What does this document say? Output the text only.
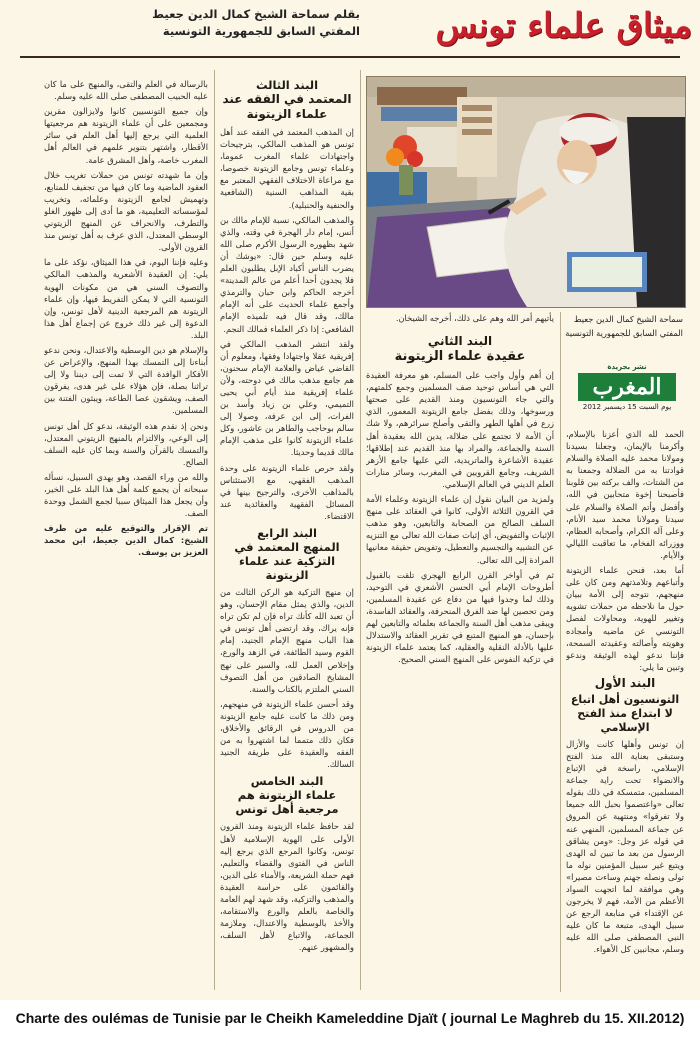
ميثاق علماء تونس
بقلم سماحة الشيخ كمال الدين جعيط
المفتي السابق للجمهورية التونسية
سماحة الشيخ كمال الدين جعيط المفتي السابق للجمهورية التونسية
نشر بجريدة
المغرب
يوم السبت 15 ديسمبر 2012

الحمد لله الذي أعزنا بالإسلام، وأكرمنا بالإيمان، وجعلنا بسيدنا ومولانا محمد عليه الصلاة والسلام قوادتنا به من الضلالة وجمعنا به من الشتات، والف بركته بين قلوبنا فأصبحنا إخوة متحابين في الله، وأفضل وأتم الصلاة والسلام على سيدنا ومولانا محمد سيد الأنام، وعلى آله الكرام، وأصحابه العظام، ووزرائه الفخام، ما تعاقبت الليالي والأيام.

أما بعد، فنحن علماء الزيتونة وأتباعهم وتلامذتهم ومن كان على منهجهم، نتوجه إلى الأمة ببيان حول ما نلاحظه من حملات تشويه وتغيير للهوية، ومحاولات لفصل التونسي عن ماضيه وأمجاده وهويته وأصالته وعقيدته السمحة، فإننا ندعو لهذه الوثيقة وندعو وتبين ما يلي:

البند الأول
التونسيون أهل اتباع لا ابتداع منذ الفتح الإسلامي

إن تونس وأهلها كانت والأزال وستبقى بعناية الله منذ الفتح الإسلامي، راسخة في الإتباع والانضواء تحت راية جماعة المسلمين، متمسكة في ذلك بقوله تعالى «واعتصموا بحبل الله جميعا ولا تفرقوا» ومنتهية عن المروق عن جماعة المسلمين، المنهي عنه في قوله عز وجل: «ومن يشاقق الرسول من بعد ما تبين له الهدى ويتبع غير سبيل المؤمنين نوله ما تولى ونصله جهنم وساءت مصيرا» وهي موافقة لما اتجهت السواد الأعظم من الأمة، فهم لا يخرجون عن الإقتداء في منابعة الرجع عن سبيل الهدى، متبعة ما كان عليه النبي المصطفى صلى الله عليه وسلم، مجانبين كل الأهواء.

يأتيهم أمر الله وهم على ذلك، أخرجه الشيخان.

البند الثاني
عقيدة علماء الزيتونة

إن أهم وأول واجب على المسلم، هو معرفة العقيدة التي هي أساس توحيد صف المسلمين وجمع كلمتهم، والتي جاء التونسيون ومنذ القديم على صحتها ورسوخها، وذلك بفضل جامع الزيتونة المعمور، الذي زرع في أهلها الطهر والتقى وأصلح سرائرهم، ولا شك أن الأمة لا تجتمع على ضلالة، يدين الله بعقيدة أهل السنة والجماعة، والمراد بها منذ القديم عند إطلاقها؛ عقيدة الأشاعرة والماتريدية، التي عليها جامع الأزهر الشريف، وجامع القرويين في المغرب، وسائر منارات العلم الديني في العالم الإسلامي.

ولمزيد من البيان نقول إن علماء الزيتونة وعلماء الأمة في القرون الثلاثة الأولى، كانوا في العقائد على منهج السلف الصالح من الصحابة والتابعين، وهو مذهب الإثبات والتفويض، أي إثبات صفات الله تعالى مع التنزيه عن التشبيه والتجسيم والتعطيل، وتفويض حقيقة معانيها المرادة إلى الله تعالى.

ثم في أواخر القرن الرابع الهجري تلقت بالقبول أطروحات الإمام أبي الحسن الأشعري في التوحيد، وذلك لما وجدوا فيها من دفاع عن عقيدة المسلمين، ومن تحصين لها ضد الفرق المنحرفة، والعقائد الفاسدة، ويبقى مذهب أهل السنة والجماعة بعلمائه والتابعين لهم بإحسان، هو المنهج المتبع في تقرير العقائد والاستدلال عليها بالأدلة النقلية والعقلية، كما يعتمد علماء الزيتونة في تزكية النفوس على المنهج السني الصحيح.

البند الثالث
المعتمد في الفقه عند علماء الزيتونة

إن المذهب المعتمد في الفقه عند أهل تونس هو المذهب المالكي، بترجيحات واجتهادات علماء المغرب عموما، وعلماء تونس وجامع الزيتونة خصوصا، مع مراعاة الاختلاف الفقهي المعتبر مع بقية المذاهب السنية (الشافعية والحنفية والحنبلية).

والمذهب المالكي، نسبة للإمام مالك بن أنس، إمام دار الهجرة في وقته، والذي شهد بظهوره الرسول الأكرم صلى الله عليه وسلم حين قال: «يوشك أن يضرب الناس أكباد الإبل يطلبون العلم فلا يجدون أحدا أعلم من عالم المدينة» أخرجه الحاكم وابن حبان والترمذي وأجمع علماء الحديث على أنه الإمام مالك، وقد قال فيه تلميذه الإمام الشافعي: إذا ذكر العلماء فمالك النجم.

ولقد انتشر المذهب المالكي في إفريقية عقلا واجتهادا وفقها، ومعلوم أن القاضي عياض والعلامة الإمام سحنون، هم جامع مذهب مالك في دوحته، ولأن علماء إفريقية منذ أيام أبي يحيى التميمي، وعلي بن زياد وأسد بن الفرات، إلى ابن عرفة، وصولا إلى سالم بوحاجب والطاهر بن عاشور، وكل علماء الزيتونة كانوا على مذهب الإمام مالك قديما وحديثا.

ولقد حرص علماء الزيتونة على وحدة المذهب الفقهي، مع الاستئناس بالمذاهب الأخرى، والترجيح بينها في المسائل الفقهية والعقائدية عند الاقتضاء.

البند الرابع
المنهج المعتمد في التزكية عند علماء الزيتونة

إن منهج التزكية هو الركن الثالث من الدين، والذي يمثل مقام الإحسان، وهو أن تعبد الله كأنك تراه فإن لم تكن تراه فإنه يراك، وقد ارتضى أهل تونس في هذا الباب منهج الإمام الجنيد، إمام القوم وسيد الطائفة، في الزهد والورع، وإخلاص العمل لله، والسير على نهج المشايخ الصادقين من أهل التصوف السني الملتزم بالكتاب والسنة.

وقد أحسن علماء الزيتونة في منهجهم، ومن ذلك ما كانت عليه جامع الزيتونة من الدروس في الرقائق والأخلاق، فكان ذلك متمما لما اشتهروا به من الفقه والعقيدة على طريقة الجنيد السالك.

البند الخامس
علماء الزيتونة هم مرجعية أهل تونس

لقد حافظ علماء الزيتونة ومنذ القرون الأولى على الهوية الإسلامية لأهل تونس، وكانوا المرجع الذي يرجع إليه الناس في الفتوى والقضاء والتعليم، فهم حملة الشريعة، والأمناء على الدين، والقائمون على حراسة العقيدة والمذهب والتزكية، وقد شهد لهم العامة والخاصة بالعلم والورع والاستقامة، والأخذ بالوسطية والاعتدال، وملازمة الجماعة، والاتباع لأهل السلف، والمشهور عنهم.

بالرسالة في العلم والتقى، والمنهج على ما كان عليه الحبيب المصطفى صلى الله عليه وسلم.

وإن جميع التونسيين كانوا ولايزالون مقرين ومجمعين على أن علماء الزيتونة هم مرجعيتها العلمية التي يرجع إليها أهل العلم في سائر الأقطار، واشتهر بتنوير علمهم في العالم أهل المغرب خاصة، وأهل المشرق عامة.

وإن ما شهدته تونس من حملات تغريب خلال العقود الماضية وما كان فيها من تجفيف للمنابع، وتهميش لجامع الزيتونة وعلمائه، وتخريب لمؤسساته التعليمية، هو ما أدى إلى ظهور الغلو والتطرف، والانحراف عن المنهج الزيتوني الوسطي المعتدل، الذي عرف به أهل تونس منذ القرون الأولى.

وعليه فإننا اليوم، في هذا الميثاق، نؤكد على ما يلي: إن العقيدة الأشعرية والمذهب المالكي والتصوف السني هي من مكونات الهوية التونسية التي لا يمكن التفريط فيها، وإن علماء الزيتونة هم المرجعية الدينية لأهل تونس، وإن الدعوة إلى غير ذلك خروج عن إجماع أهل هذا البلد.

والإسلام هو دين الوسطية والاعتدال، ونحن ندعو أبناءنا إلى التمسك بهذا المنهج، والإعراض عن الأفكار الوافدة التي لا تمت إلى ديننا ولا إلى تراثنا بصلة، فإن هؤلاء على غير هدى، يفرقون الصف، ويشقون عصا الطاعة، ويبثون الفتنة بين المسلمين.

ونحن إذ نقدم هذه الوثيقة، ندعو كل أهل تونس إلى الوعي، والالتزام بالمنهج الزيتوني المعتدل، والتمسك بالقرآن والسنة وبما كان عليه السلف الصالح.

والله من وراء القصد، وهو يهدي السبيل، نسأله سبحانه أن يجمع كلمة أهل هذا البلد على الخير، وأن يجعل هذا الميثاق سببا لجمع الشمل ووحدة الصف.

تم الإقرار والتوقيع عليه من طرف الشيخ: كمال الدين جعيط، ابن محمد العزيز بن يوسف.

Charte des oulémas de Tunisie par le Cheikh Kameleddine Djaït ( journal Le Maghreb du 15. XII.2012)
